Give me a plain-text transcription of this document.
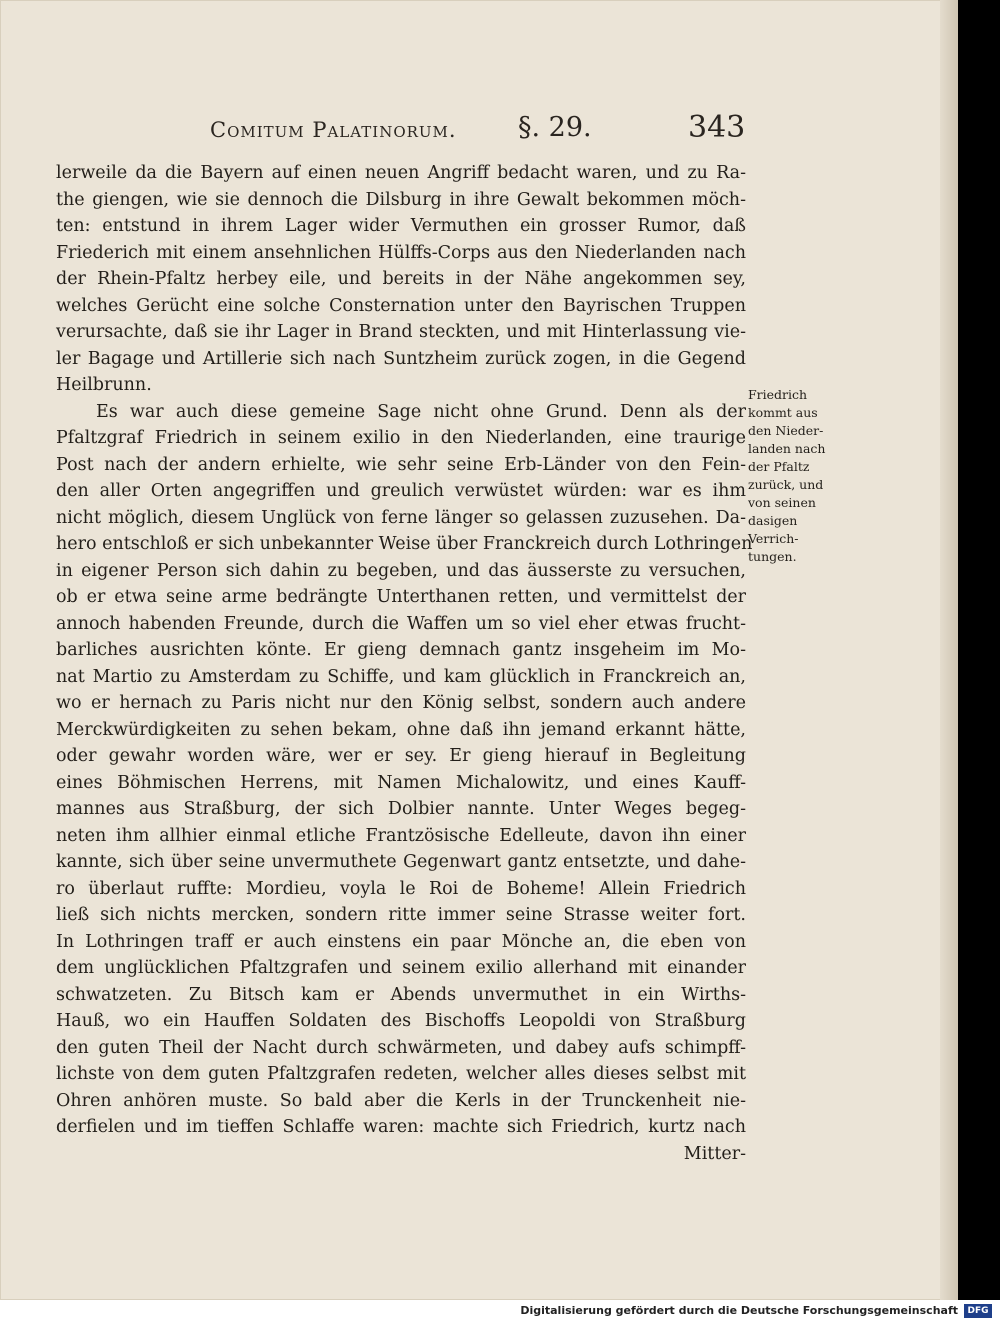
Comitum Palatinorum. §. 29.	343
lerweile da die Bayern auf einen neuen Angriff bedacht waren, und zu Ra-
the giengen, wie sie dennoch die Dilsburg in ihre Gewalt bekommen möch-
ten: entstund in ihrem Lager wider Vermuthen ein grosser Rumor, daß
Friederich mit einem ansehnlichen Hülffs-Corps aus den Niederlanden nach
der Rhein-Pfaltz herbey eile, und bereits in der Nähe angekommen sey,
welches Gerücht eine solche Consternation unter den Bayrischen Truppen
verursachte, daß sie ihr Lager in Brand steckten, und mit Hinterlassung vie-
ler Bagage und Artillerie sich nach Suntzheim zurück zogen, in die Gegend
Heilbrunn.
Es war auch diese gemeine Sage nicht ohne Grund. Denn als der
Pfaltzgraf Friedrich in seinem exilio in den Niederlanden, eine traurige
Post nach der andern erhielte, wie sehr seine Erb-Länder von den Fein-
den aller Orten angegriffen und greulich verwüstet würden: war es ihm
nicht möglich, diesem Unglück von ferne länger so gelassen zuzusehen. Da-
hero entschloß er sich unbekannter Weise über Franckreich durch Lothringen
in eigener Person sich dahin zu begeben, und das äusserste zu versuchen,
ob er etwa seine arme bedrängte Unterthanen retten, und vermittelst der
annoch habenden Freunde, durch die Waffen um so viel eher etwas frucht-
barliches ausrichten könte. Er gieng demnach gantz insgeheim im Mo-
nat Martio zu Amsterdam zu Schiffe, und kam glücklich in Franckreich an,
wo er hernach zu Paris nicht nur den König selbst, sondern auch andere
Merckwürdigkeiten zu sehen bekam, ohne daß ihn jemand erkannt hätte,
oder gewahr worden wäre, wer er sey. Er gieng hierauf in Begleitung
eines Böhmischen Herrens, mit Namen Michalowitz, und eines Kauff-
mannes aus Straßburg, der sich Dolbier nannte. Unter Weges begeg-
neten ihm allhier einmal etliche Frantzösische Edelleute, davon ihn einer
kannte, sich über seine unvermuthete Gegenwart gantz entsetzte, und dahe-
ro überlaut ruffte: Mordieu, voyla le Roi de Boheme! Allein Friedrich
ließ sich nichts mercken, sondern ritte immer seine Strasse weiter fort.
In Lothringen traff er auch einstens ein paar Mönche an, die eben von
dem unglücklichen Pfaltzgrafen und seinem exilio allerhand mit einander
schwatzeten. Zu Bitsch kam er Abends unvermuthet in ein Wirths-
Hauß, wo ein Hauffen Soldaten des Bischoffs Leopoldi von Straßburg
den guten Theil der Nacht durch schwärmeten, und dabey aufs schimpff-
lichste von dem guten Pfaltzgrafen redeten, welcher alles dieses selbst mit
Ohren anhören muste. So bald aber die Kerls in der Trunckenheit nie-
derfielen und im tieffen Schlaffe waren: machte sich Friedrich, kurtz nach
Mitter-
Friedrich
kommt aus
den Nieder-
landen nach
der Pfaltz
zurück, und
von seinen
dasigen
Verrich-
tungen.
Digitalisierung gefördert durch die Deutsche Forschungsgemeinschaft	DFG
